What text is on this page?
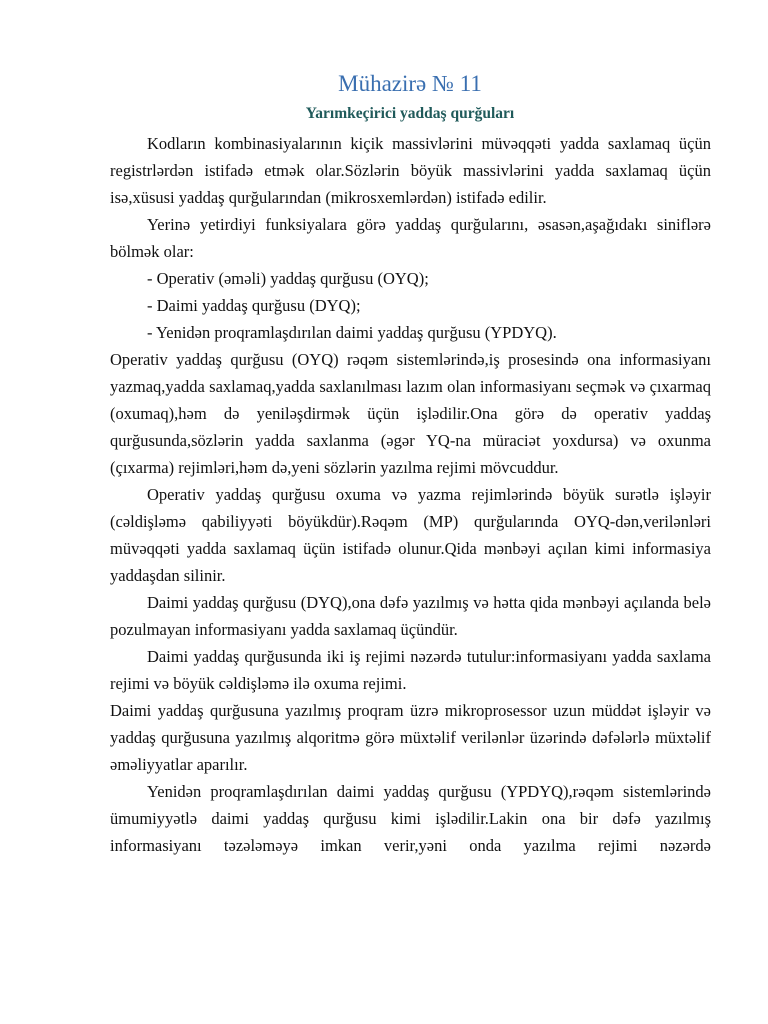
Mühazirə № 11
Yarımkeçirici yaddaş qurğuları

Kodların kombinasiyalarının kiçik massivlərini müvəqqəti yadda saxlamaq üçün registrlərdən istifadə etmək olar.Sözlərin böyük massivlərini yadda saxlamaq üçün isə,xüsusi yaddaş qurğularından (mikrosxemlərdən) istifadə edilir.

Yerinə yetirdiyi funksiyalara görə yaddaş qurğularını, əsasən,aşağıdakı siniflərə bölmək olar:

- Operativ (əməli) yaddaş qurğusu (OYQ);

- Daimi yaddaş qurğusu (DYQ);

- Yenidən proqramlaşdırılan daimi yaddaş qurğusu (YPDYQ).

Operativ yaddaş qurğusu (OYQ) rəqəm sistemlərində,iş prosesində ona informasiyanı yazmaq,yadda saxlamaq,yadda saxlanılması lazım olan informasiyanı seçmək və çıxarmaq (oxumaq),həm də yeniləşdirmək üçün işlədilir.Ona görə də operativ yaddaş qurğusunda,sözlərin yadda saxlanma (əgər YQ-na müraciət yoxdursa) və oxunma (çıxarma) rejimləri,həm də,yeni sözlərin yazılma rejimi mövcuddur.

Operativ yaddaş qurğusu oxuma və yazma rejimlərində böyük surətlə işləyir (cəldişləmə qabiliyyəti böyükdür).Rəqəm (MP) qurğularında OYQ-dən,verilənləri müvəqqəti yadda saxlamaq üçün istifadə olunur.Qida mənbəyi açılan kimi informasiya yaddaşdan silinir.

Daimi yaddaş qurğusu (DYQ),ona dəfə yazılmış və hətta qida mənbəyi açılanda belə pozulmayan informasiyanı yadda saxlamaq üçündür.

Daimi yaddaş qurğusunda iki iş rejimi nəzərdə tutulur:informasiyanı yadda saxlama rejimi və böyük cəldişləmə ilə oxuma rejimi.

Daimi yaddaş qurğusuna yazılmış proqram üzrə mikroprosessor uzun müddət işləyir və yaddaş qurğusuna yazılmış alqoritmə görə müxtəlif verilənlər üzərində dəfələrlə müxtəlif əməliyyatlar aparılır.

Yenidən proqramlaşdırılan daimi yaddaş qurğusu (YPDYQ),rəqəm sistemlərində ümumiyyətlə daimi yaddaş qurğusu kimi işlədilir.Lakin ona bir dəfə yazılmış informasiyanı təzələməyə imkan verir,yəni onda yazılma rejimi nəzərdə
